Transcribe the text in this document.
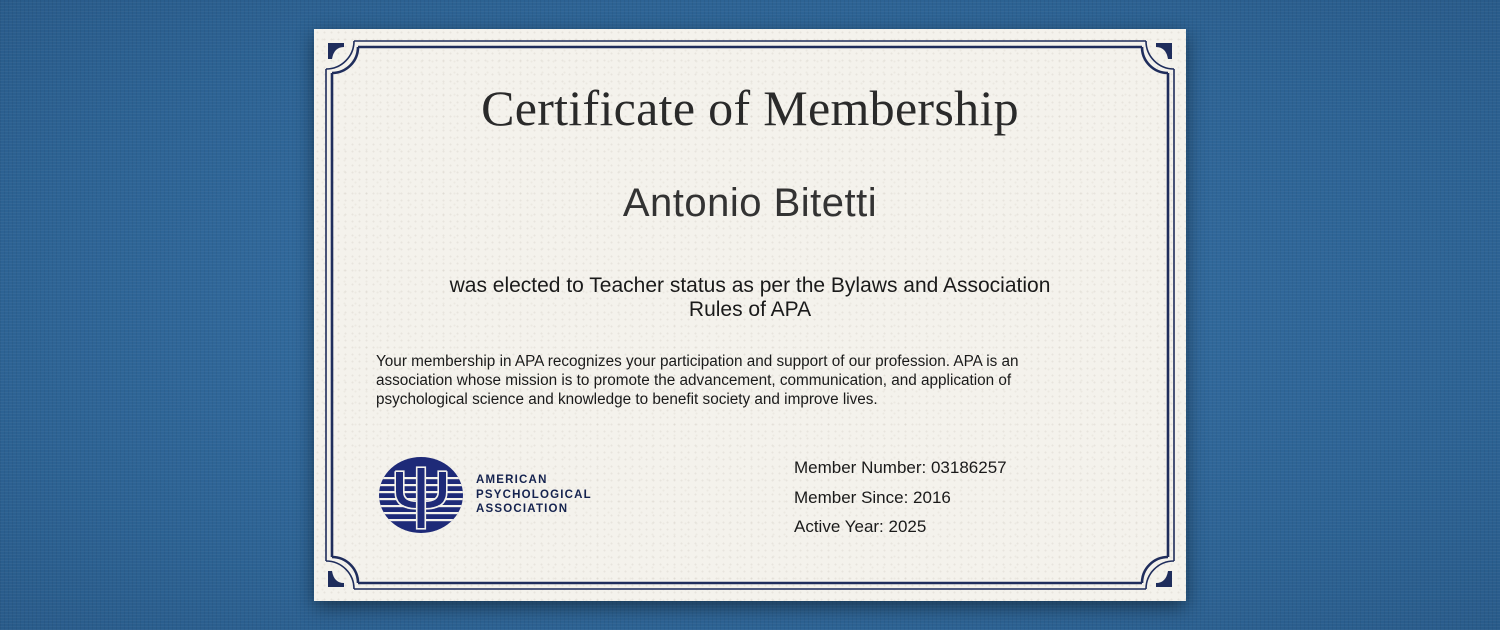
Certificate of Membership
Antonio Bitetti
was elected to Teacher status as per the Bylaws and Association
Rules of APA
Your membership in APA recognizes your participation and support of our profession. APA is an
association whose mission is to promote the advancement, communication, and application of
psychological science and knowledge to benefit society and improve lives.
AMERICAN
PSYCHOLOGICAL
ASSOCIATION
Member Number: 03186257
Member Since: 2016
Active Year: 2025
